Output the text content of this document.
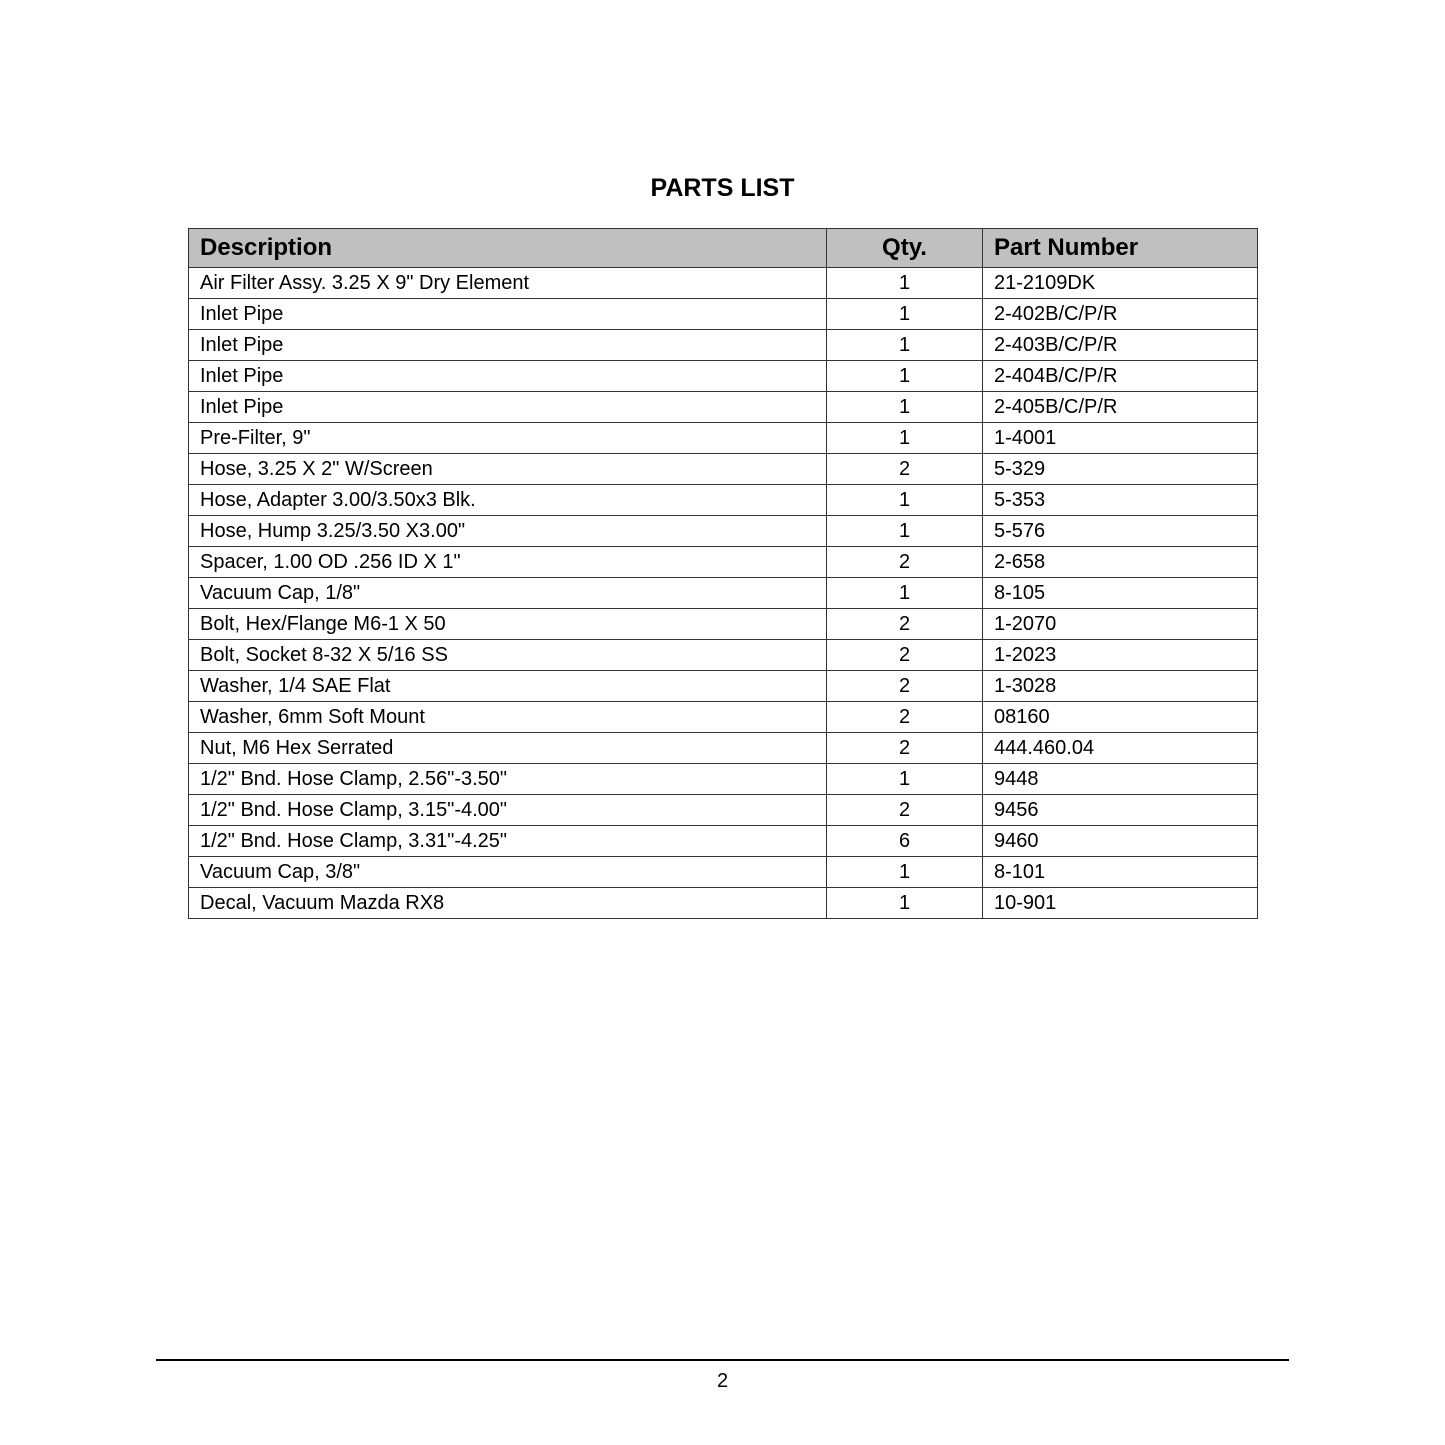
PARTS LIST
Description	Qty.	Part Number
Air Filter Assy. 3.25 X 9" Dry Element	1	21-2109DK
Inlet Pipe	1	2-402B/C/P/R
Inlet Pipe	1	2-403B/C/P/R
Inlet Pipe	1	2-404B/C/P/R
Inlet Pipe	1	2-405B/C/P/R
Pre-Filter, 9"	1	1-4001
Hose, 3.25 X 2" W/Screen	2	5-329
Hose, Adapter 3.00/3.50x3 Blk.	1	5-353
Hose, Hump 3.25/3.50 X3.00"	1	5-576
Spacer, 1.00 OD .256 ID X 1"	2	2-658
Vacuum Cap, 1/8"	1	8-105
Bolt, Hex/Flange M6-1 X 50	2	1-2070
Bolt, Socket 8-32 X 5/16 SS	2	1-2023
Washer, 1/4 SAE Flat	2	1-3028
Washer, 6mm Soft Mount	2	08160
Nut, M6 Hex Serrated	2	444.460.04
1/2" Bnd. Hose Clamp, 2.56"-3.50"	1	9448
1/2" Bnd. Hose Clamp, 3.15"-4.00"	2	9456
1/2" Bnd. Hose Clamp, 3.31"-4.25"	6	9460
Vacuum Cap, 3/8"	1	8-101
Decal, Vacuum Mazda RX8	1	10-901
2
